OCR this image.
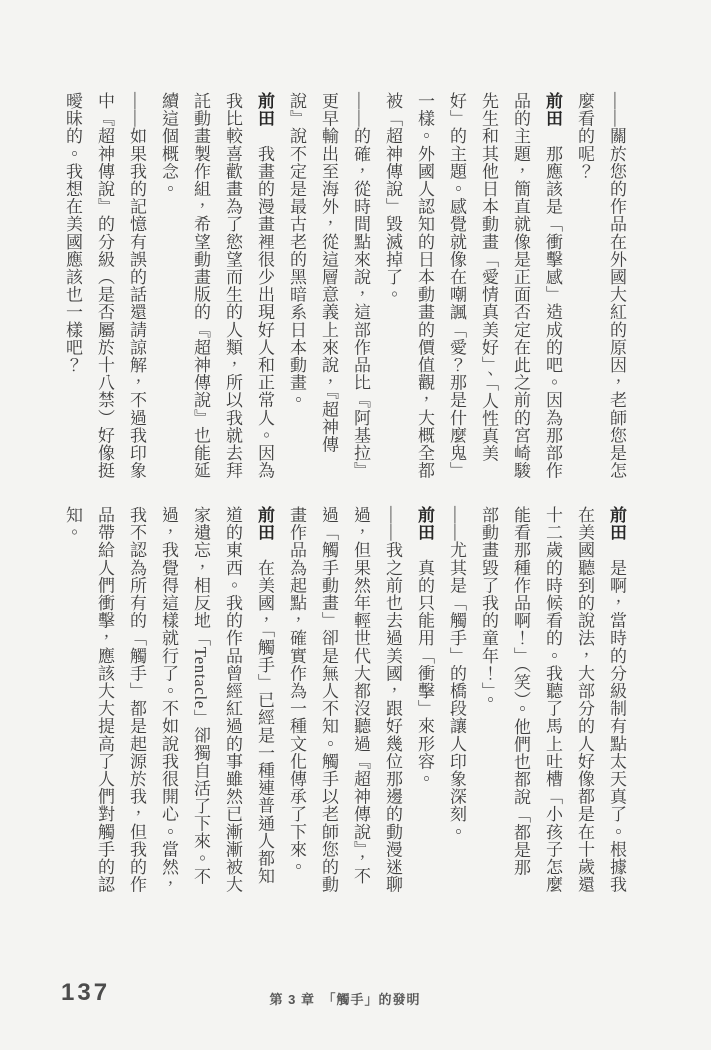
——關於您的作品在外國大紅的原因，老師您是怎
麼看的呢？
前田　那應該是「衝擊感」造成的吧。因為那部作
品的主題，簡直就像是正面否定在此之前的宮崎駿
先生和其他日本動畫「愛情真美好」、「人性真美
好」的主題。感覺就像在嘲諷「愛？那是什麼鬼」
一樣。外國人認知的日本動畫的價值觀，大概全都
被「超神傳說」毀滅掉了。
——的確，從時間點來說，這部作品比『阿基拉』
更早輸出至海外，從這層意義上來說，『超神傳
說』說不定是最古老的黑暗系日本動畫。
前田　我畫的漫畫裡很少出現好人和正常人。因為
我比較喜歡畫為了慾望而生的人類，所以我就去拜
託動畫製作組，希望動畫版的『超神傳說』也能延
續這個概念。
——如果我的記憶有誤的話還請諒解，不過我印象
中『超神傳說』的分級（是否屬於十八禁）好像挺
曖昧的。我想在美國應該也一樣吧？
前田　是啊，當時的分級制有點太天真了。根據我
在美國聽到的說法，大部分的人好像都是在十歲還
十二歲的時候看的。我聽了馬上吐槽「小孩子怎麼
能看那種作品啊！」（笑）。他們也都說「都是那
部動畫毀了我的童年！」。
——尤其是「觸手」的橋段讓人印象深刻。
前田　真的只能用「衝擊」來形容。
——我之前也去過美國，跟好幾位那邊的動漫迷聊
過，但果然年輕世代大都沒聽過『超神傳說』，不
過「觸手動畫」卻是無人不知。觸手以老師您的動
畫作品為起點，確實作為一種文化傳承了下來。
前田　在美國，「觸手」已經是一種連普通人都知
道的東西。我的作品曾經紅過的事雖然已漸漸被大
家遺忘，相反地「Tentacle」卻獨自活了下來。不
過，我覺得這樣就行了。不如說我很開心。當然，
我不認為所有的「觸手」都是起源於我，但我的作
品帶給人們衝擊，應該大大提高了人們對觸手的認
知。
137	第 3 章　「觸手」的發明
